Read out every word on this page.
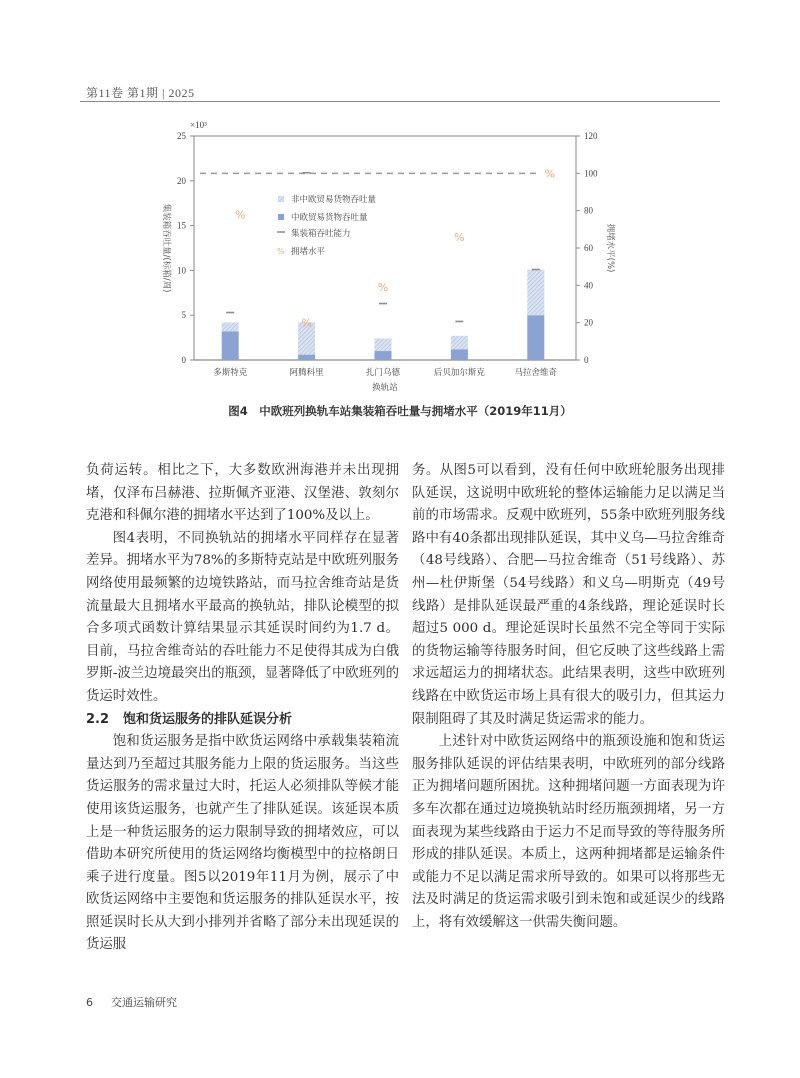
第11卷 第1期 | 2025
0
5
10
15
20
25
0
20
40
60
80
100
120
×10³
集装箱吞吐量/(标箱/周)	拥堵水平(%)
%
%
%
%
%
多斯特克	阿腾科里	扎门乌德	后贝加尔斯克	马拉舍维奇
换轨站
非中欧贸易货物吞吐量
中欧贸易货物吞吐量
集装箱吞吐能力
% 拥堵水平
图4  中欧班列换轨车站集装箱吞吐量与拥堵水平（2019年11月）

负荷运转。相比之下，大多数欧洲海港并未出现拥堵，仅泽布吕赫港、拉斯佩齐亚港、汉堡港、敦刻尔克港和科佩尔港的拥堵水平达到了100%及以上。

图4表明，不同换轨站的拥堵水平同样存在显著差异。拥堵水平为78%的多斯特克站是中欧班列服务网络使用最频繁的边境铁路站，而马拉舍维奇站是货流量最大且拥堵水平最高的换轨站，排队论模型的拟合多项式函数计算结果显示其延误时间约为1.7 d。目前，马拉舍维奇站的吞吐能力不足使得其成为白俄罗斯-波兰边境最突出的瓶颈，显著降低了中欧班列的货运时效性。

2.2 饱和货运服务的排队延误分析

饱和货运服务是指中欧货运网络中承载集装箱流量达到乃至超过其服务能力上限的货运服务。当这些货运服务的需求量过大时，托运人必须排队等候才能使用该货运服务，也就产生了排队延误。该延误本质上是一种货运服务的运力限制导致的拥堵效应，可以借助本研究所使用的货运网络均衡模型中的拉格朗日乘子进行度量。图5以2019年11月为例，展示了中欧货运网络中主要饱和货运服务的排队延误水平，按照延误时长从大到小排列并省略了部分未出现延误的货运服

务。从图5可以看到，没有任何中欧班轮服务出现排队延误，这说明中欧班轮的整体运输能力足以满足当前的市场需求。反观中欧班列，55条中欧班列服务线路中有40条都出现排队延误，其中义乌—马拉舍维奇（48号线路）、合肥—马拉舍维奇（51号线路）、苏州—杜伊斯堡（54号线路）和义乌—明斯克（49号线路）是排队延误最严重的4条线路，理论延误时长超过5 000 d。理论延误时长虽然不完全等同于实际的货物运输等待服务时间，但它反映了这些线路上需求远超运力的拥堵状态。此结果表明，这些中欧班列线路在中欧货运市场上具有很大的吸引力，但其运力限制阻碍了其及时满足货运需求的能力。

上述针对中欧货运网络中的瓶颈设施和饱和货运服务排队延误的评估结果表明，中欧班列的部分线路正为拥堵问题所困扰。这种拥堵问题一方面表现为许多车次都在通过边境换轨站时经历瓶颈拥堵，另一方面表现为某些线路由于运力不足而导致的等待服务所形成的排队延误。本质上，这两种拥堵都是运输条件或能力不足以满足需求所导致的。如果可以将那些无法及时满足的货运需求吸引到未饱和或延误少的线路上，将有效缓解这一供需失衡问题。

6 交通运输研究
